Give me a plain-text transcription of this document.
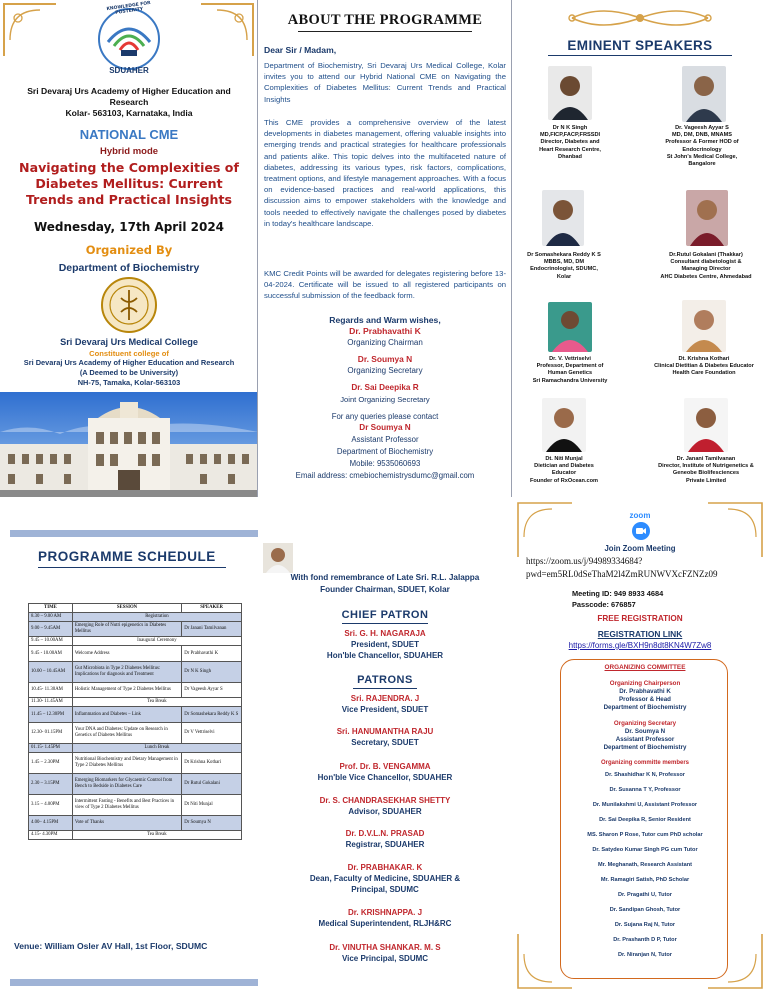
KNOWLEDGE FOR POSTERITY
SDUAHER
Sri Devaraj Urs Academy of Higher Education and
Research
Kolar- 563103, Karnataka, India
NATIONAL CME
Hybrid mode
Navigating the Complexities of
Diabetes Mellitus: Current
Trends and Practical Insights
Wednesday, 17th April 2024
Organized By
Department of Biochemistry
Sri Devaraj Urs Medical College
Constituent college of
Sri Devaraj Urs Academy of Higher Education and Research
(A Deemed to be University)
NH-75, Tamaka, Kolar-563103
ABOUT THE PROGRAMME
Dear Sir / Madam,
Department of Biochemistry, Sri Devaraj Urs Medical College, Kolar invites you to attend our Hybrid National CME on Navigating the Complexities of Diabetes Mellitus: Current Trends and Practical Insights
This CME provides a comprehensive overview of the latest developments in diabetes management, offering valuable insights into emerging trends and practical strategies for healthcare professionals and patients alike. This topic delves into the multifaceted nature of diabetes, addressing its various types, risk factors, complications, treatment options, and lifestyle management approaches. With a focus on evidence-based practices and real-world applications, this discussion aims to empower stakeholders with the knowledge and tools needed to effectively navigate the challenges posed by diabetes in today's healthcare landscape.
KMC Credit Points will be awarded for delegates registering before 13-04-2024. Certificate will be issued to all registered participants on successful submission of the feedback form.
Regards and Warm wishes,
Dr. Prabhavathi K
Organizing Chairman
Dr. Soumya N
Organizing Secretary
Dr. Sai Deepika R
Joint Organizing Secretary
For any queries please contact
Dr Soumya N
Assistant Professor
Department of Biochemistry
Mobile: 9535060693
Email address: cmebiochemistrysdumc@gmail.com
EMINENT SPEAKERS
Dr N K Singh
MD,FICP,FACP,FRSSDI
Director, Diabetes and
Heart Research Centre,
Dhanbad
Dr. Vageesh Ayyar S
MD, DM, DNB, MNAMS
Professor & Former HOD of
Endocrinology
St John's Medical College,
Bangalore
Dr Somashekara Reddy K S
MBBS, MD, DM
Endocrinologist, SDUMC,
Kolar
Dr.Rutul Gokalani (Thakkar)
Consultant diabetologist &
Managing Director
AHC Diabetes Centre, Ahmedabad
Dr. V. Vettriselvi
Professor, Department of
Human Genetics
Sri Ramachandra University
Dt. Krishna Kothari
Clinical Dietitian & Diabetes Educator
Health Care Foundation
Dt. Niti Munjal
Dietician and Diabetes
Educator
Founder of RxOcean.com
Dr. Janani Tamilvanan
Director, Institute of Nutrigenetics &
Geneobe Biolifesciences
Private Limited
PROGRAMME SCHEDULE
TIME	SESSION	SPEAKER
8.30 – 9.00 AM	Registration	
9.00 – 9.45AM	Emerging Role of Nutri epigenetics in Diabetes Mellitus	Dr Janani Tamilvanan
9.45 – 10.00AM	Inaugural Ceremony	
9.45 - 10.00AM	Welcome Address	Dr Prabhavathi K
10.00 – 10.45AM	Gut Microbiota in Type 2 Diabetes Mellitus: Implications for diagnosis and Treatment	Dr N K Singh
10.45- 11.30AM	Holistic Management of Type 2 Diabetes Mellitus	Dr Vageesh Ayyar S
11.30- 11.45AM	Tea Break	
11.45 – 12.30PM	Inflammation and Diabetes – Link	Dr Somashekara Reddy K S
12.30- 01.15PM	Your DNA and Diabetes: Update on Research in Genetics of Diabetes Mellitus	Dr V Vettriselvi
01.15- 1.45PM	Lunch Break	
1.45 – 2.30PM	Nutritional Biochemistry and Dietary Management in Type 2 Diabetes Mellitus	Dt Krishna Kothari
2.30 – 3.15PM	Emerging Biomarkers for Glycaemic Control from Bench to Bedside in Diabetes Care	Dr Rutul Gokalani
3.15 – 4.00PM	Intermittent Fasting - Benefits and Best Practices in view of Type 2 Diabetes Mellitus	Dt Niti Munjal
4.00– 4.15PM	Vote of Thanks	Dr Soumya N
4.15- 4.30PM	Tea Break	
Venue: William Osler AV Hall, 1st Floor, SDUMC
With fond remembrance of Late Sri. R.L. Jalappa
Founder Chairman, SDUET, Kolar
CHIEF PATRON
Sri. G. H. NAGARAJA
President, SDUET
Hon'ble Chancellor, SDUAHER
PATRONS
Sri. RAJENDRA. J
Vice President, SDUET
Sri. HANUMANTHA RAJU
Secretary, SDUET
Prof. Dr. B. VENGAMMA
Hon'ble Vice Chancellor, SDUAHER
Dr. S. CHANDRASEKHAR SHETTY
Advisor, SDUAHER
Dr. D.V.L.N. PRASAD
Registrar, SDUAHER
Dr. PRABHAKAR. K
Dean, Faculty of Medicine, SDUAHER &
Principal, SDUMC
Dr. KRISHNAPPA. J
Medical Superintendent, RLJH&RC
Dr. VINUTHA SHANKAR. M. S
Vice Principal, SDUMC
zoom
Join Zoom Meeting
https://zoom.us/j/94989334684?
pwd=em5RL0dSeThaM2l4ZmRUNWVXcFZNZz09
Meeting ID: 949 8933 4684
Passcode: 676857
FREE REGISTRATION
REGISTRATION LINK
https://forms.gle/BXH9n8dt8KN4W7Zw8
ORGANIZING COMMITTEE
Organizing Chairperson
Dr. Prabhavathi K
Professor & Head
Department of Biochemistry
Organizing Secretary
Dr. Soumya N
Assistant Professor
Department of Biochemistry
Organizing committe members
Dr. Shashidhar K N, Professor
Dr. Susanna T Y, Professor
Dr. Munilakshmi U, Assistant Professor
Dr. Sai Deepika R, Senior Resident
MS. Sharon P Rose, Tutor cum PhD scholar
Dr. Satydeo Kumar Singh PG cum Tutor
Mr. Meghanath, Research Assistant
Mr. Ramagiri Satish, PhD Scholar
Dr. Pragathi U, Tutor
Dr. Sandipan Ghosh, Tutor
Dr. Sujana Raj N, Tutor
Dr. Prashanth D P, Tutor
Dr. Niranjan N, Tutor
